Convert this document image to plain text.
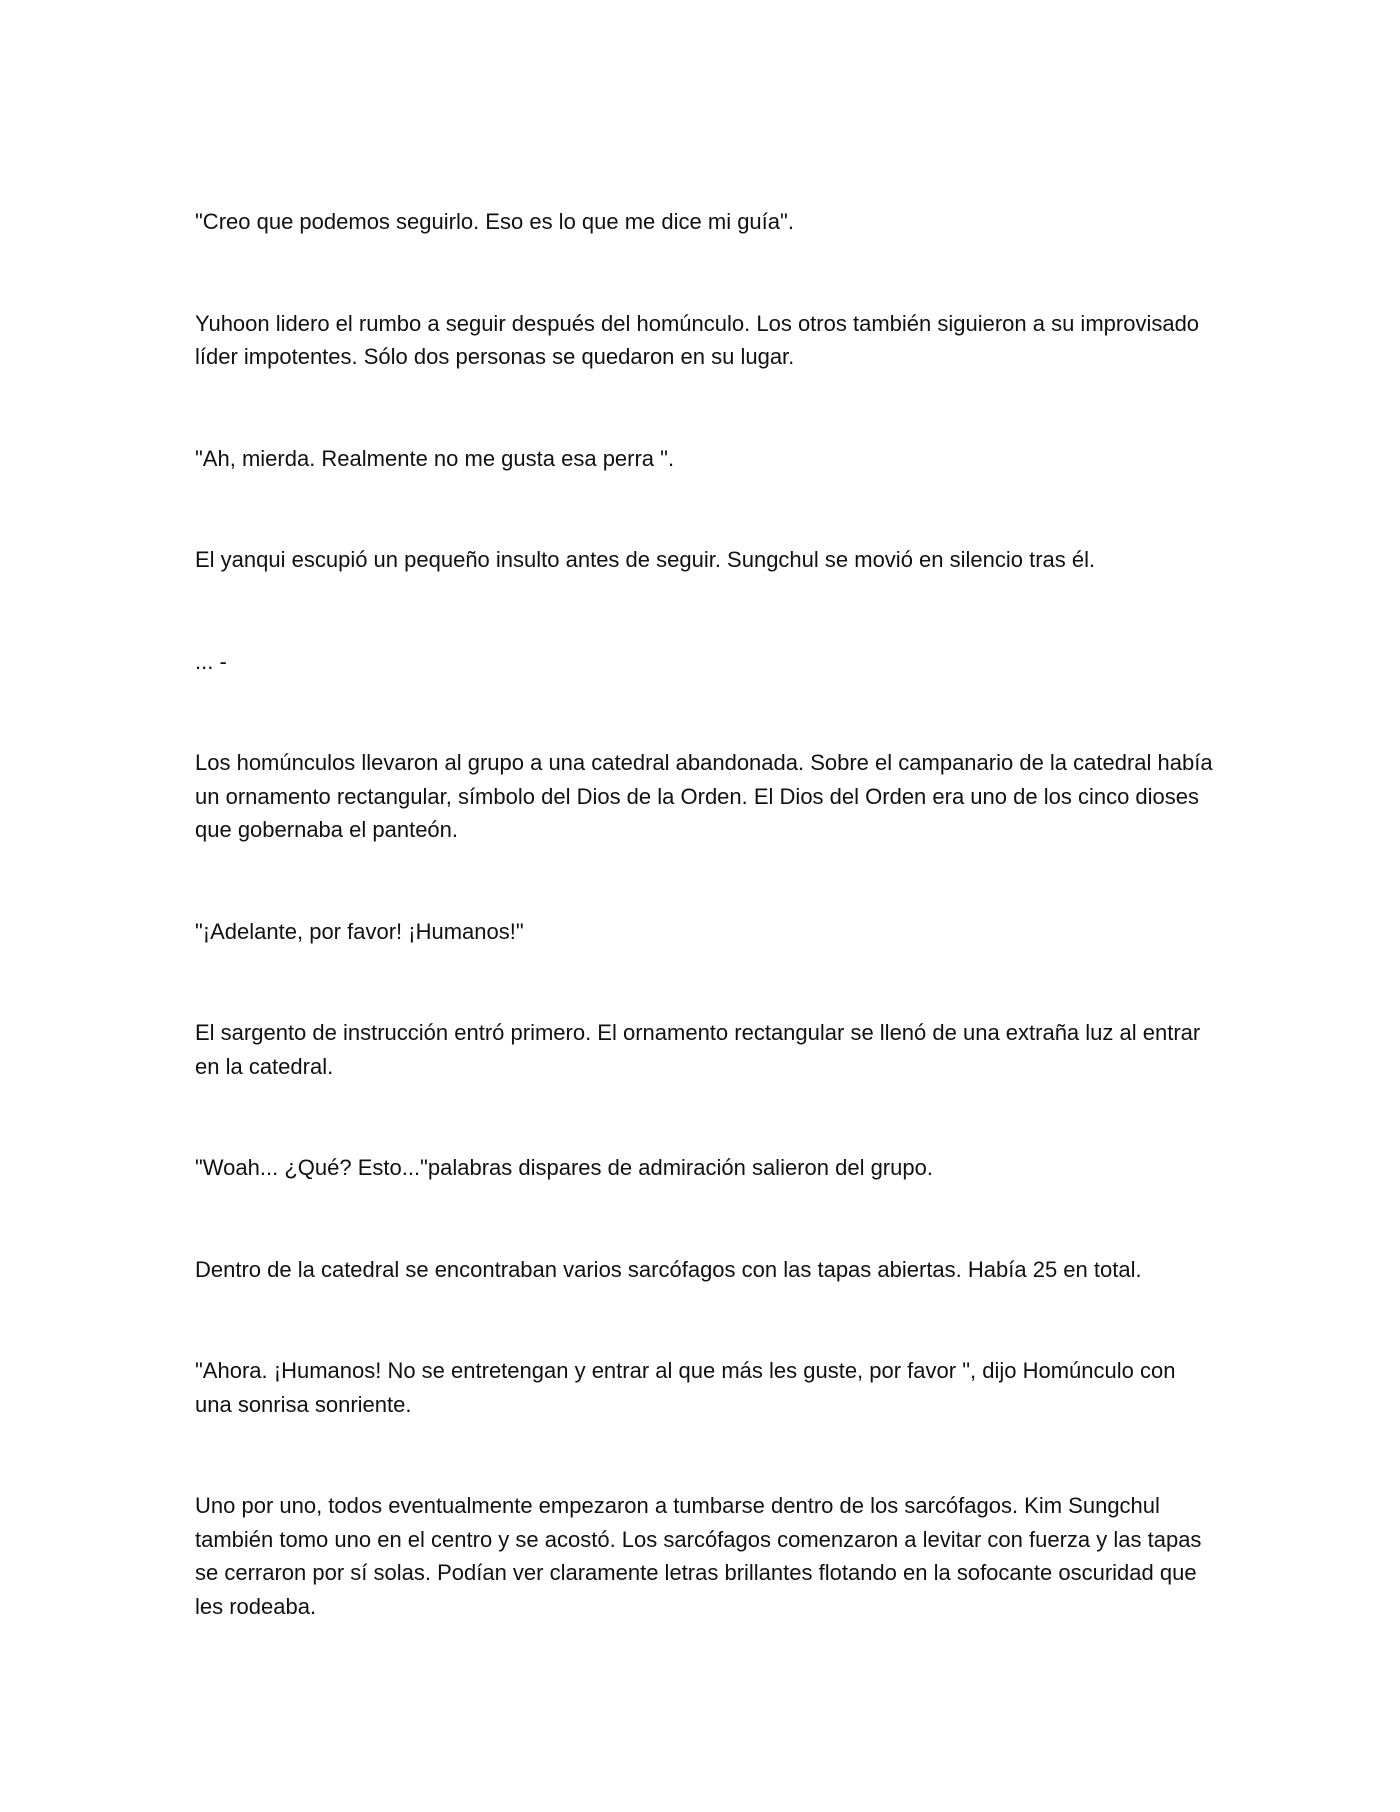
"Creo que podemos seguirlo. Eso es lo que me dice mi guía".

Yuhoon lidero el rumbo a seguir después del homúnculo. Los otros también siguieron a su improvisado líder impotentes. Sólo dos personas se quedaron en su lugar.

"Ah, mierda. Realmente no me gusta esa perra ".

El yanqui escupió un pequeño insulto antes de seguir. Sungchul se movió en silencio tras él.

... -

Los homúnculos llevaron al grupo a una catedral abandonada. Sobre el campanario de la catedral había un ornamento rectangular, símbolo del Dios de la Orden. El Dios del Orden era uno de los cinco dioses que gobernaba el panteón.

"¡Adelante, por favor! ¡Humanos!"

El sargento de instrucción entró primero. El ornamento rectangular se llenó de una extraña luz al entrar en la catedral.

"Woah... ¿Qué? Esto..."palabras dispares de admiración salieron del grupo.

Dentro de la catedral se encontraban varios sarcófagos con las tapas abiertas. Había 25 en total.

"Ahora. ¡Humanos! No se entretengan y entrar al que más les guste, por favor ", dijo Homúnculo con una sonrisa sonriente.

Uno por uno, todos eventualmente empezaron a tumbarse dentro de los sarcófagos. Kim Sungchul también tomo uno en el centro y se acostó. Los sarcófagos comenzaron a levitar con fuerza y las tapas se cerraron por sí solas. Podían ver claramente letras brillantes flotando en la sofocante oscuridad que les rodeaba.
